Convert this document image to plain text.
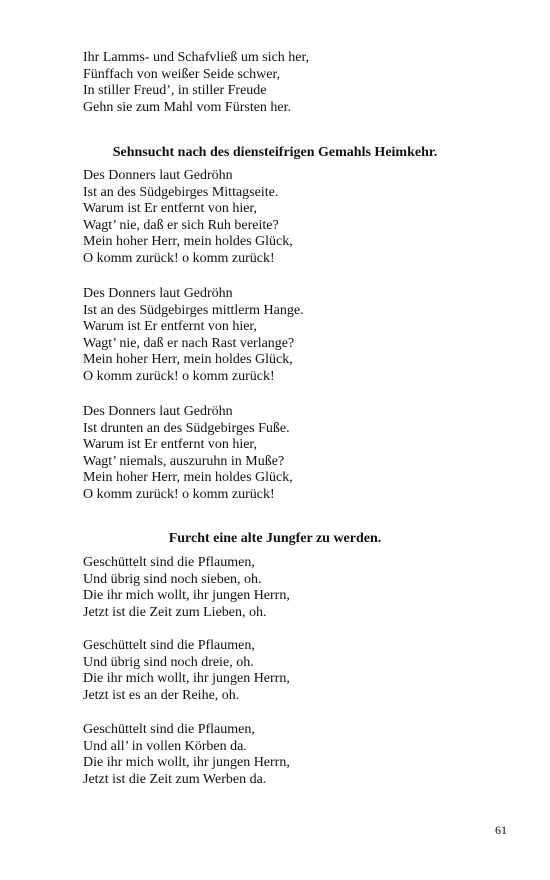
Ihr Lamms- und Schafvließ um sich her,
Fünffach von weißer Seide schwer,
In stiller Freud’, in stiller Freude
Gehn sie zum Mahl vom Fürsten her.
Sehnsucht nach des diensteifrigen Gemahls Heimkehr.
Des Donners laut Gedröhn
Ist an des Südgebirges Mittagseite.
Warum ist Er entfernt von hier,
Wagt’ nie, daß er sich Ruh bereite?
Mein hoher Herr, mein holdes Glück,
O komm zurück! o komm zurück!
Des Donners laut Gedröhn
Ist an des Südgebirges mittlerm Hange.
Warum ist Er entfernt von hier,
Wagt’ nie, daß er nach Rast verlange?
Mein hoher Herr, mein holdes Glück,
O komm zurück! o komm zurück!
Des Donners laut Gedröhn
Ist drunten an des Südgebirges Fuße.
Warum ist Er entfernt von hier,
Wagt’ niemals, auszuruhn in Muße?
Mein hoher Herr, mein holdes Glück,
O komm zurück! o komm zurück!
Furcht eine alte Jungfer zu werden.
Geschüttelt sind die Pflaumen,
Und übrig sind noch sieben, oh.
Die ihr mich wollt, ihr jungen Herrn,
Jetzt ist die Zeit zum Lieben, oh.
Geschüttelt sind die Pflaumen,
Und übrig sind noch dreie, oh.
Die ihr mich wollt, ihr jungen Herrn,
Jetzt ist es an der Reihe, oh.
Geschüttelt sind die Pflaumen,
Und all’ in vollen Körben da.
Die ihr mich wollt, ihr jungen Herrn,
Jetzt ist die Zeit zum Werben da.
61
